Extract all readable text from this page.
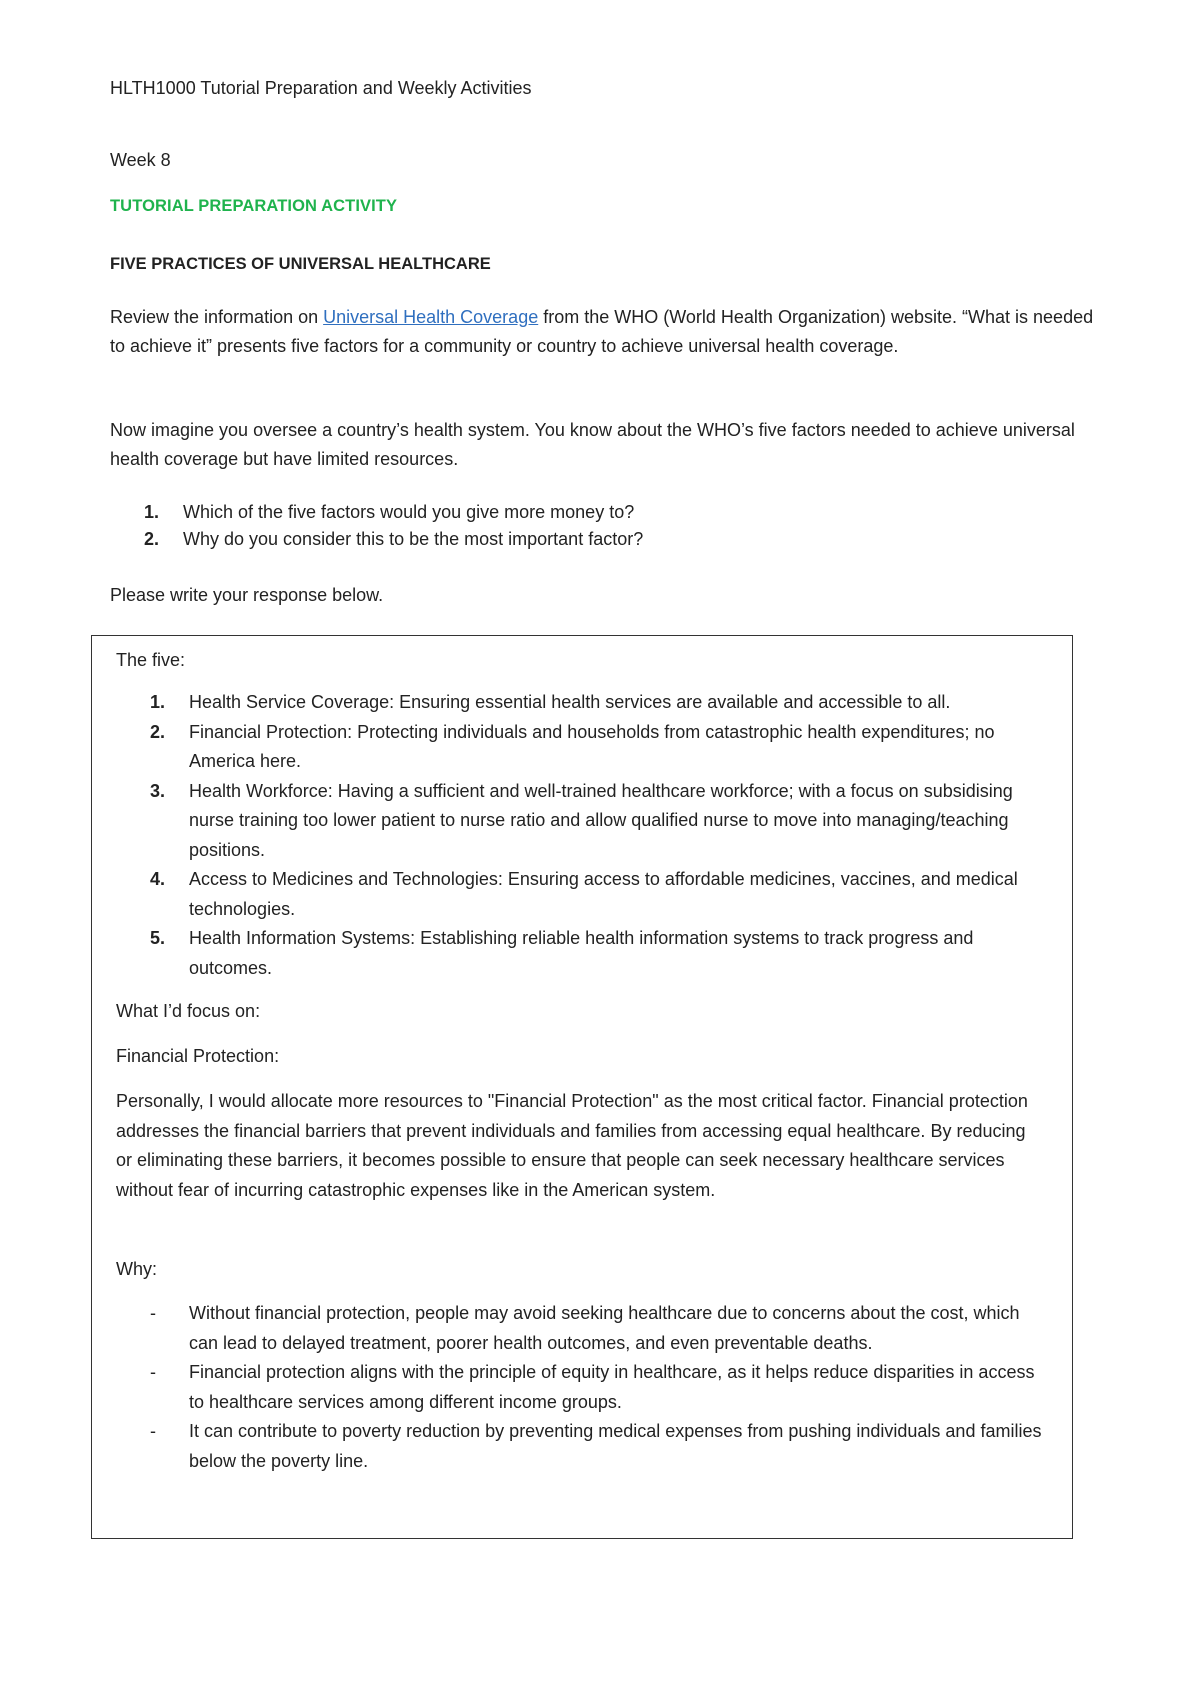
HLTH1000 Tutorial Preparation and Weekly Activities

Week 8

TUTORIAL PREPARATION ACTIVITY

FIVE PRACTICES OF UNIVERSAL HEALTHCARE

Review the information on Universal Health Coverage from the WHO (World Health Organization) website. “What is needed to achieve it” presents five factors for a community or country to achieve universal health coverage.

Now imagine you oversee a country’s health system. You know about the WHO’s five factors needed to achieve universal health coverage but have limited resources.

1. Which of the five factors would you give more money to?
2. Why do you consider this to be the most important factor?

Please write your response below.

The five:

1. Health Service Coverage: Ensuring essential health services are available and accessible to all.
2. Financial Protection: Protecting individuals and households from catastrophic health expenditures; no America here.
3. Health Workforce: Having a sufficient and well-trained healthcare workforce; with a focus on subsidising nurse training too lower patient to nurse ratio and allow qualified nurse to move into managing/teaching positions.
4. Access to Medicines and Technologies: Ensuring access to affordable medicines, vaccines, and medical technologies.
5. Health Information Systems: Establishing reliable health information systems to track progress and outcomes.

What I’d focus on:

Financial Protection:

Personally, I would allocate more resources to "Financial Protection" as the most critical factor. Financial protection addresses the financial barriers that prevent individuals and families from accessing equal healthcare. By reducing or eliminating these barriers, it becomes possible to ensure that people can seek necessary healthcare services without fear of incurring catastrophic expenses like in the American system.

Why:

- Without financial protection, people may avoid seeking healthcare due to concerns about the cost, which can lead to delayed treatment, poorer health outcomes, and even preventable deaths.
- Financial protection aligns with the principle of equity in healthcare, as it helps reduce disparities in access to healthcare services among different income groups.
- It can contribute to poverty reduction by preventing medical expenses from pushing individuals and families below the poverty line.
